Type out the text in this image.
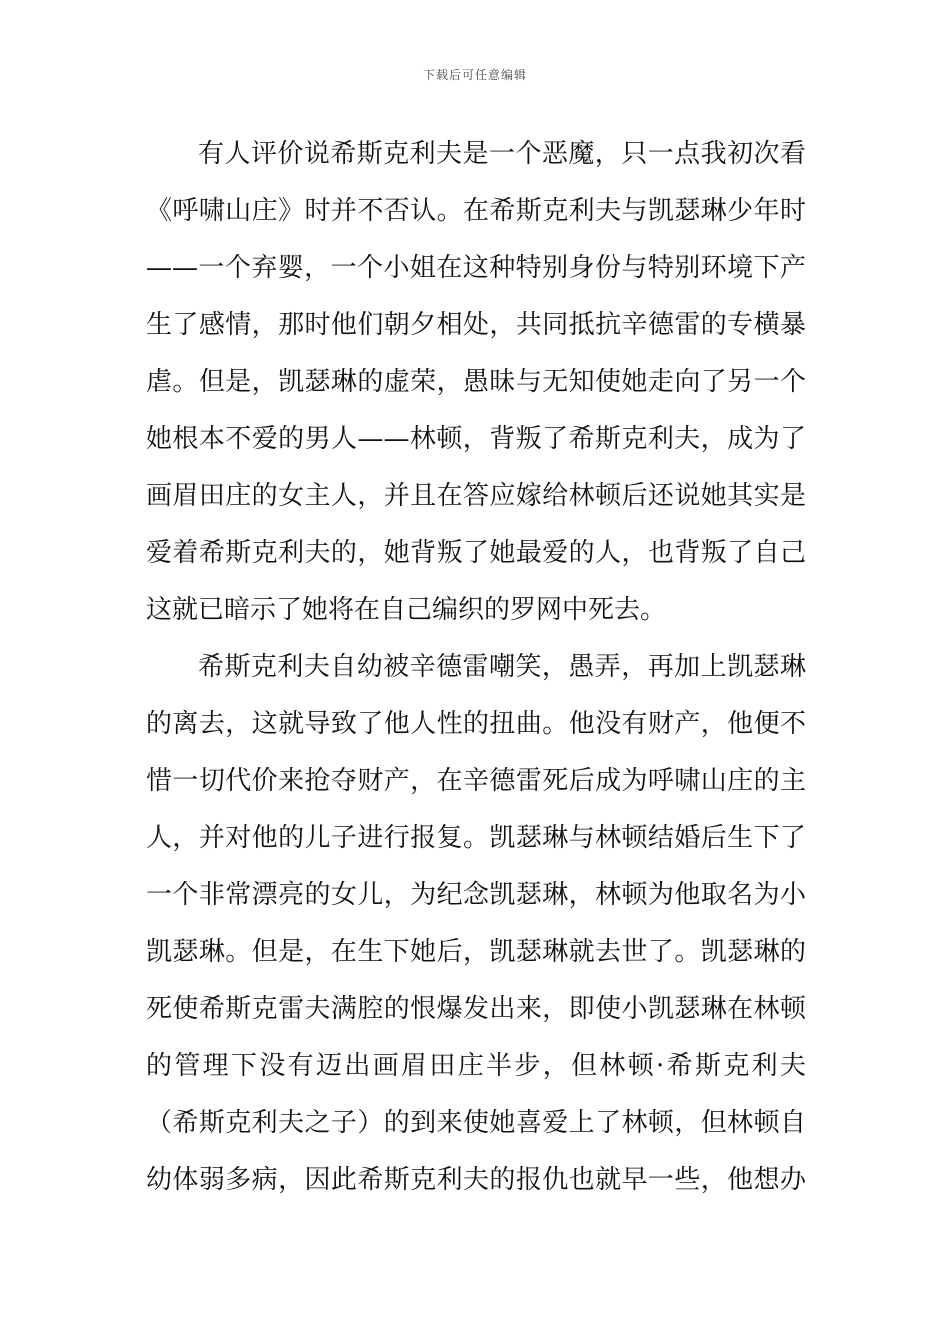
下载后可任意编辑
有人评价说希斯克利夫是一个恶魔，只一点我初次看
《呼啸山庄》时并不否认。在希斯克利夫与凯瑟琳少年时
——一个弃婴，一个小姐在这种特别身份与特别环境下产
生了感情，那时他们朝夕相处，共同抵抗辛德雷的专横暴
虐。但是，凯瑟琳的虚荣，愚昧与无知使她走向了另一个
她根本不爱的男人——林顿，背叛了希斯克利夫，成为了
画眉田庄的女主人，并且在答应嫁给林顿后还说她其实是
爱着希斯克利夫的，她背叛了她最爱的人，也背叛了自己
这就已暗示了她将在自己编织的罗网中死去。
希斯克利夫自幼被辛德雷嘲笑，愚弄，再加上凯瑟琳
的离去，这就导致了他人性的扭曲。他没有财产，他便不
惜一切代价来抢夺财产，在辛德雷死后成为呼啸山庄的主
人，并对他的儿子进行报复。凯瑟琳与林顿结婚后生下了
一个非常漂亮的女儿，为纪念凯瑟琳，林顿为他取名为小
凯瑟琳。但是，在生下她后，凯瑟琳就去世了。凯瑟琳的
死使希斯克雷夫满腔的恨爆发出来，即使小凯瑟琳在林顿
的管理下没有迈出画眉田庄半步，但林顿·希斯克利夫
（希斯克利夫之子）的到来使她喜爱上了林顿，但林顿自
幼体弱多病，因此希斯克利夫的报仇也就早一些，他想办
